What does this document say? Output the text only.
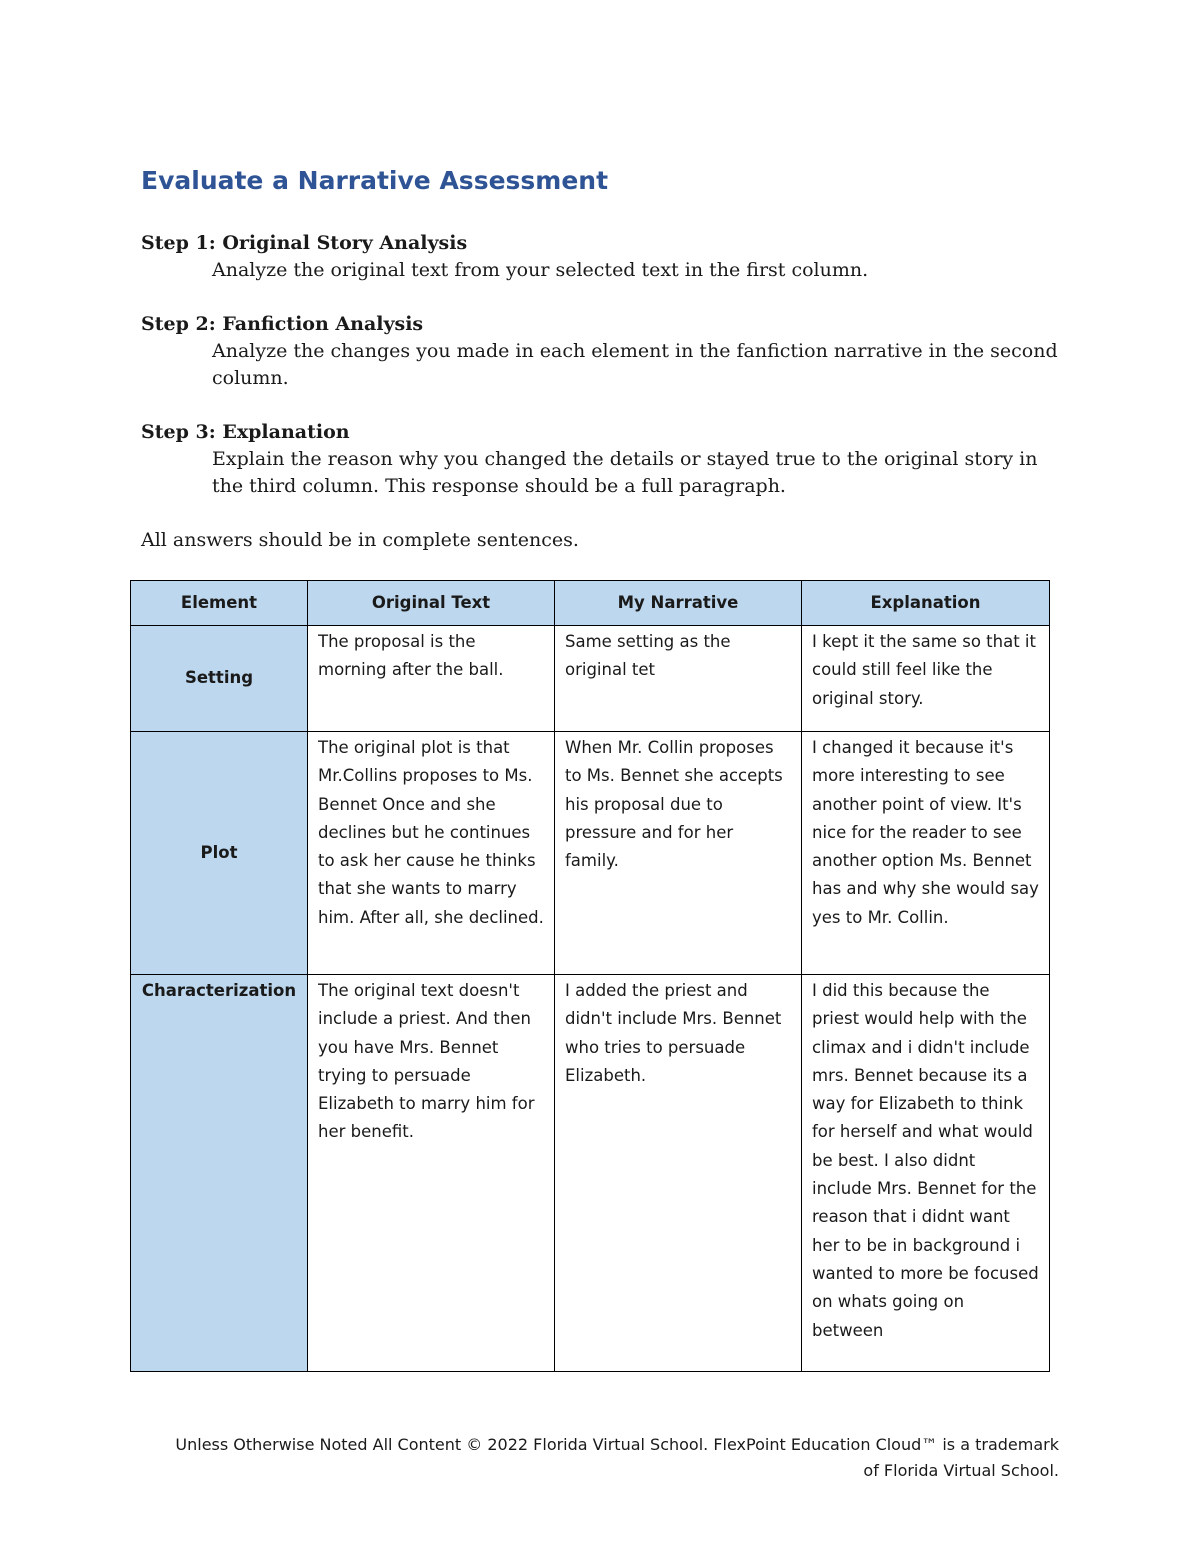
Evaluate a Narrative Assessment
Step 1: Original Story Analysis
Analyze the original text from your selected text in the first column.
Step 2: Fanfiction Analysis
Analyze the changes you made in each element in the fanfiction narrative in the second column.
Step 3: Explanation
Explain the reason why you changed the details or stayed true to the original story in the third column. This response should be a full paragraph.

All answers should be in complete sentences.

Element	Original Text	My Narrative	Explanation
Setting	The proposal is the morning after the ball.	Same setting as the original tet	I kept it the same so that it could still feel like the original story.

Plot	The original plot is that Mr.Collins proposes to Ms. Bennet Once and she declines but he continues to ask her cause he thinks that she wants to marry him. After all, she declined.	When Mr. Collin proposes to Ms. Bennet she accepts his proposal due to pressure and for her family.	I changed it because it's more interesting to see another point of view. It's nice for the reader to see another option Ms. Bennet has and why she would say yes to Mr. Collin.

Characterization	The original text doesn't include a priest. And then you have Mrs. Bennet trying to persuade Elizabeth to marry him for her benefit.	I added the priest and didn't include Mrs. Bennet who tries to persuade Elizabeth.	I did this because the priest would help with the climax and i didn't include mrs. Bennet because its a way for Elizabeth to think for herself and what would be best. I also didnt include Mrs. Bennet for the reason that i didnt want her to be in background i wanted to more be focused on whats going on between

Unless Otherwise Noted All Content © 2022 Florida Virtual School. FlexPoint Education Cloud™ is a trademark of Florida Virtual School.
